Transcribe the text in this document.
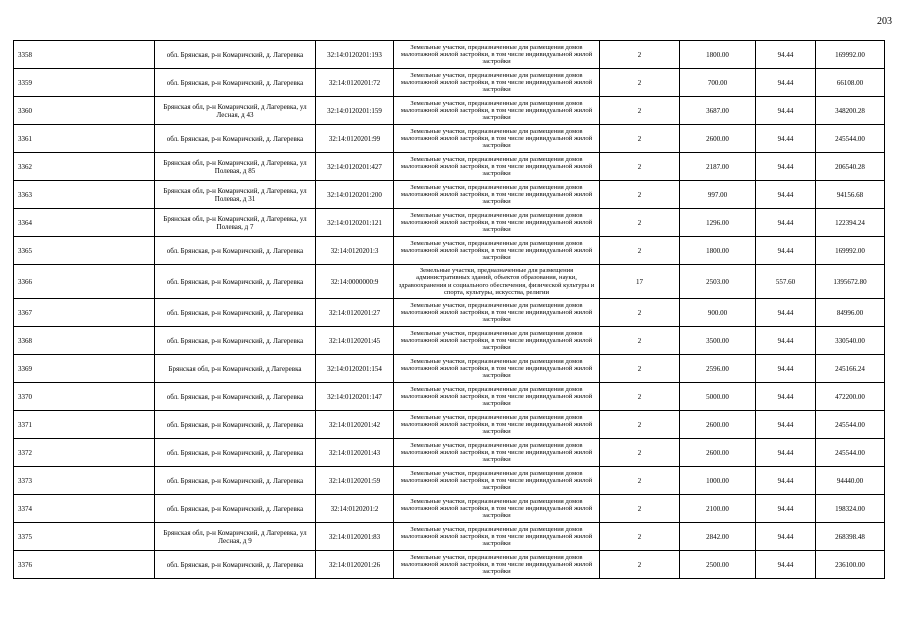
203
3358	обл. Брянская, р-н Комаричский, д. Лагеревка	32:14:0120201:193	Земельные участки, предназначенные для размещения домов малоэтажной жилой застройки, в том числе индивидуальной жилой застройки	2	1800.00	94.44	169992.00
3359	обл. Брянская, р-н Комаричский, д. Лагеревка	32:14:0120201:72	Земельные участки, предназначенные для размещения домов малоэтажной жилой застройки, в том числе индивидуальной жилой застройки	2	700.00	94.44	66108.00
3360	Брянская обл, р-н Комаричский, д Лагеревка, ул Лесная, д 43	32:14:0120201:159	Земельные участки, предназначенные для размещения домов малоэтажной жилой застройки, в том числе индивидуальной жилой застройки	2	3687.00	94.44	348200.28
3361	обл. Брянская, р-н Комаричский, д. Лагеревка	32:14:0120201:99	Земельные участки, предназначенные для размещения домов малоэтажной жилой застройки, в том числе индивидуальной жилой застройки	2	2600.00	94.44	245544.00
3362	Брянская обл, р-н Комаричский, д Лагеревка, ул Полевая, д 85	32:14:0120201:427	Земельные участки, предназначенные для размещения домов малоэтажной жилой застройки, в том числе индивидуальной жилой застройки	2	2187.00	94.44	206540.28
3363	Брянская обл, р-н Комаричский, д Лагеревка, ул Полевая, д 31	32:14:0120201:200	Земельные участки, предназначенные для размещения домов малоэтажной жилой застройки, в том числе индивидуальной жилой застройки	2	997.00	94.44	94156.68
3364	Брянская обл, р-н Комаричский, д Лагеревка, ул Полевая, д 7	32:14:0120201:121	Земельные участки, предназначенные для размещения домов малоэтажной жилой застройки, в том числе индивидуальной жилой застройки	2	1296.00	94.44	122394.24
3365	обл. Брянская, р-н Комаричский, д. Лагеревка	32:14:0120201:3	Земельные участки, предназначенные для размещения домов малоэтажной жилой застройки, в том числе индивидуальной жилой застройки	2	1800.00	94.44	169992.00
3366	обл. Брянская, р-н Комаричский, д. Лагеревка	32:14:0000000:9	Земельные участки, предназначенные для размещения административных зданий, объектов образования, науки, здравоохранения и социального обеспечения, физической культуры и спорта, культуры, искусства, религии	17	2503.00	557.60	1395672.80
3367	обл. Брянская, р-н Комаричский, д. Лагеревка	32:14:0120201:27	Земельные участки, предназначенные для размещения домов малоэтажной жилой застройки, в том числе индивидуальной жилой застройки	2	900.00	94.44	84996.00
3368	обл. Брянская, р-н Комаричский, д. Лагеревка	32:14:0120201:45	Земельные участки, предназначенные для размещения домов малоэтажной жилой застройки, в том числе индивидуальной жилой застройки	2	3500.00	94.44	330540.00
3369	Брянская обл, р-н Комаричский, д Лагеревка	32:14:0120201:154	Земельные участки, предназначенные для размещения домов малоэтажной жилой застройки, в том числе индивидуальной жилой застройки	2	2596.00	94.44	245166.24
3370	обл. Брянская, р-н Комаричский, д. Лагеревка	32:14:0120201:147	Земельные участки, предназначенные для размещения домов малоэтажной жилой застройки, в том числе индивидуальной жилой застройки	2	5000.00	94.44	472200.00
3371	обл. Брянская, р-н Комаричский, д. Лагеревка	32:14:0120201:42	Земельные участки, предназначенные для размещения домов малоэтажной жилой застройки, в том числе индивидуальной жилой застройки	2	2600.00	94.44	245544.00
3372	обл. Брянская, р-н Комаричский, д. Лагеревка	32:14:0120201:43	Земельные участки, предназначенные для размещения домов малоэтажной жилой застройки, в том числе индивидуальной жилой застройки	2	2600.00	94.44	245544.00
3373	обл. Брянская, р-н Комаричский, д. Лагеревка	32:14:0120201:59	Земельные участки, предназначенные для размещения домов малоэтажной жилой застройки, в том числе индивидуальной жилой застройки	2	1000.00	94.44	94440.00
3374	обл. Брянская, р-н Комаричский, д. Лагеревка	32:14:0120201:2	Земельные участки, предназначенные для размещения домов малоэтажной жилой застройки, в том числе индивидуальной жилой застройки	2	2100.00	94.44	198324.00
3375	Брянская обл, р-н Комаричский, д Лагеревка, ул Лесная, д 9	32:14:0120201:83	Земельные участки, предназначенные для размещения домов малоэтажной жилой застройки, в том числе индивидуальной жилой застройки	2	2842.00	94.44	268398.48
3376	обл. Брянская, р-н Комаричский, д. Лагеревка	32:14:0120201:26	Земельные участки, предназначенные для размещения домов малоэтажной жилой застройки, в том числе индивидуальной жилой застройки	2	2500.00	94.44	236100.00
